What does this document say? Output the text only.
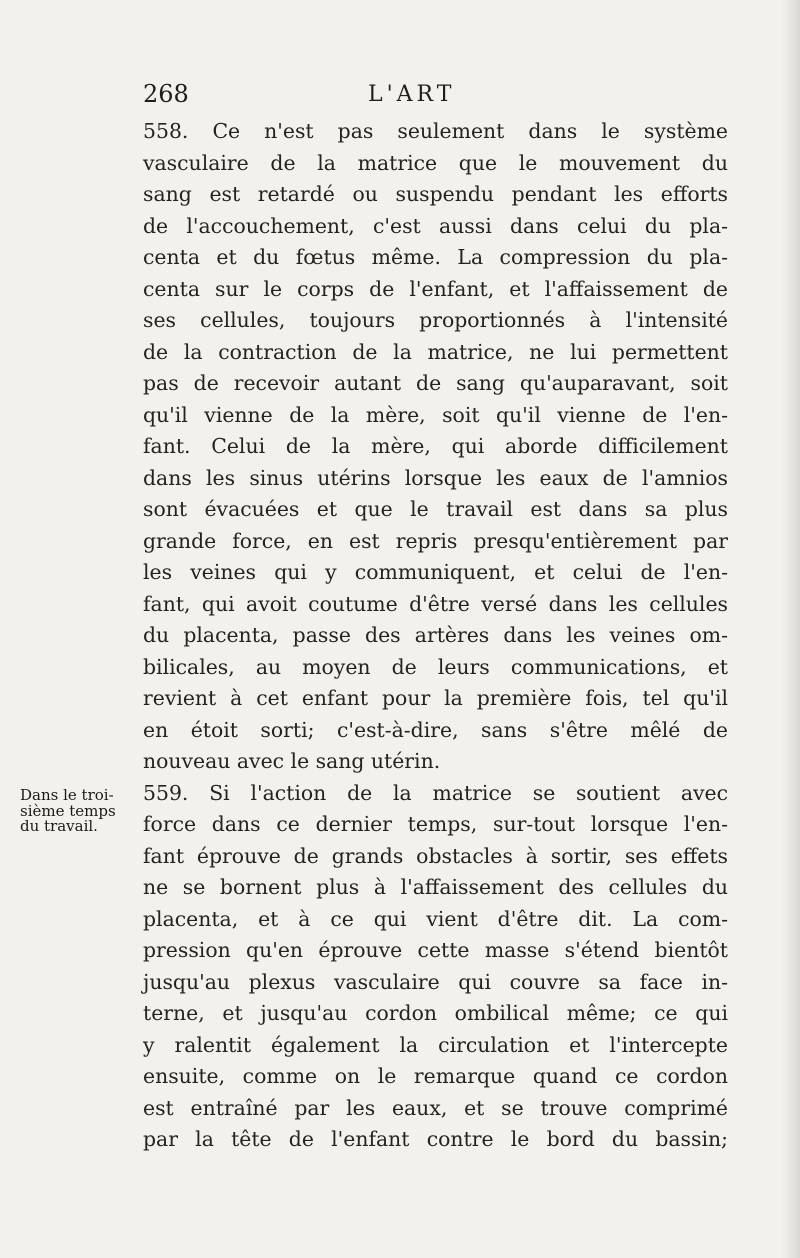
268	L'ART
Dans le troi-
sième temps
du travail.
558. Ce n'est pas seulement dans le système
vasculaire de la matrice que le mouvement du
sang est retardé ou suspendu pendant les efforts
de l'accouchement, c'est aussi dans celui du pla-
centa et du fœtus même. La compression du pla-
centa sur le corps de l'enfant, et l'affaissement de
ses cellules, toujours proportionnés à l'intensité
de la contraction de la matrice, ne lui permettent
pas de recevoir autant de sang qu'auparavant, soit
qu'il vienne de la mère, soit qu'il vienne de l'en-
fant. Celui de la mère, qui aborde difficilement
dans les sinus utérins lorsque les eaux de l'amnios
sont évacuées et que le travail est dans sa plus
grande force, en est repris presqu'entièrement par
les veines qui y communiquent, et celui de l'en-
fant, qui avoit coutume d'être versé dans les cellules
du placenta, passe des artères dans les veines om-
bilicales, au moyen de leurs communications, et
revient à cet enfant pour la première fois, tel qu'il
en étoit sorti; c'est-à-dire, sans s'être mêlé de
nouveau avec le sang utérin.
559. Si l'action de la matrice se soutient avec
force dans ce dernier temps, sur-tout lorsque l'en-
fant éprouve de grands obstacles à sortir, ses effets
ne se bornent plus à l'affaissement des cellules du
placenta, et à ce qui vient d'être dit. La com-
pression qu'en éprouve cette masse s'étend bientôt
jusqu'au plexus vasculaire qui couvre sa face in-
terne, et jusqu'au cordon ombilical même; ce qui
y ralentit également la circulation et l'intercepte
ensuite, comme on le remarque quand ce cordon
est entraîné par les eaux, et se trouve comprimé
par la tête de l'enfant contre le bord du bassin;
